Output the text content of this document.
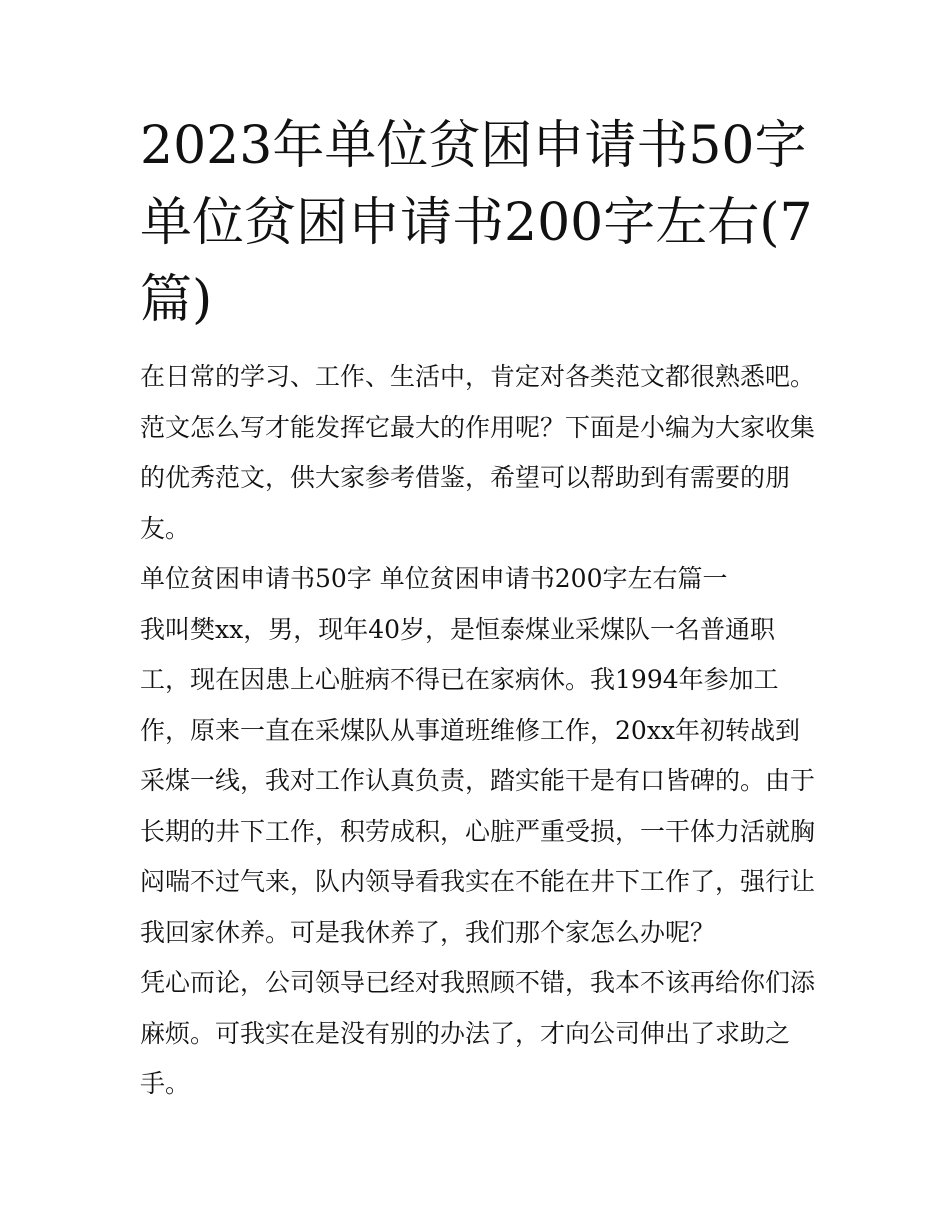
2023年单位贫困申请书50字
单位贫困申请书200字左右(7
篇)
在日常的学习、工作、生活中，肯定对各类范文都很熟悉吧。
范文怎么写才能发挥它最大的作用呢？下面是小编为大家收集
的优秀范文，供大家参考借鉴，希望可以帮助到有需要的朋
友。
单位贫困申请书50字 单位贫困申请书200字左右篇一
我叫樊xx，男，现年40岁，是恒泰煤业采煤队一名普通职
工，现在因患上心脏病不得已在家病休。我1994年参加工
作，原来一直在采煤队从事道班维修工作，20xx年初转战到
采煤一线，我对工作认真负责，踏实能干是有口皆碑的。由于
长期的井下工作，积劳成积，心脏严重受损，一干体力活就胸
闷喘不过气来，队内领导看我实在不能在井下工作了，强行让
我回家休养。可是我休养了，我们那个家怎么办呢？
凭心而论，公司领导已经对我照顾不错，我本不该再给你们添
麻烦。可我实在是没有别的办法了，才向公司伸出了求助之
手。
